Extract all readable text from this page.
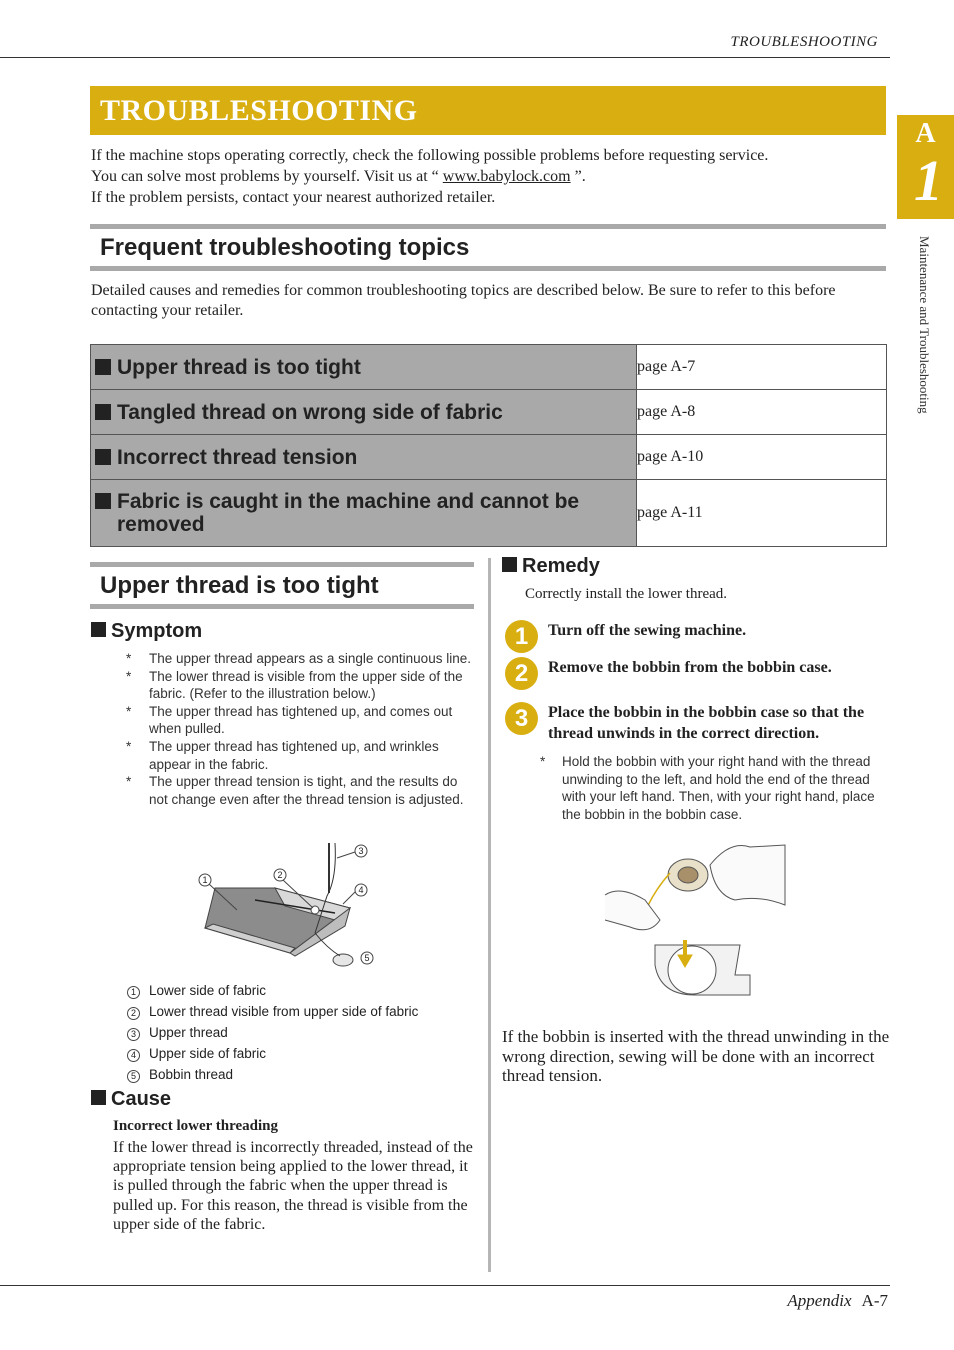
TROUBLESHOOTING
TROUBLESHOOTING
A
1
Maintenance and Troubleshooting
If the machine stops operating correctly, check the following possible problems before requesting service.
You can solve most problems by yourself. Visit us at “ www.babylock.com ”.
If the problem persists, contact your nearest authorized retailer.
Frequent troubleshooting topics
Detailed causes and remedies for common troubleshooting topics are described below. Be sure to refer to this before contacting your retailer.
Upper thread is too tight	page A-7

Tangled thread on wrong side of fabric	page A-8

Incorrect thread tension	page A-10

Fabric is caught in the machine and cannot be removed	page A-11
Upper thread is too tight
Symptom
* The upper thread appears as a single continuous line.
* The lower thread is visible from the upper side of the fabric. (Refer to the illustration below.)
* The upper thread has tightened up, and comes out when pulled.
* The upper thread has tightened up, and wrinkles appear in the fabric.
* The upper thread tension is tight, and the results do not change even after the thread tension is adjusted.
1	2
3
4
5
1 Lower side of fabric
2 Lower thread visible from upper side of fabric
3 Upper thread
4 Upper side of fabric
5 Bobbin thread
Cause
Incorrect lower threading
If the lower thread is incorrectly threaded, instead of the appropriate tension being applied to the lower thread, it is pulled through the fabric when the upper thread is pulled up. For this reason, the thread is visible from the upper side of the fabric.
Remedy
Correctly install the lower thread.
1	Turn off the sewing machine.
2	Remove the bobbin from the bobbin case.
3	Place the bobbin in the bobbin case so that the thread unwinds in the correct direction.
*	Hold the bobbin with your right hand with the thread unwinding to the left, and hold the end of the thread with your left hand. Then, with your right hand, place the bobbin in the bobbin case.
If the bobbin is inserted with the thread unwinding in the wrong direction, sewing will be done with an incorrect thread tension.
Appendix A-7
